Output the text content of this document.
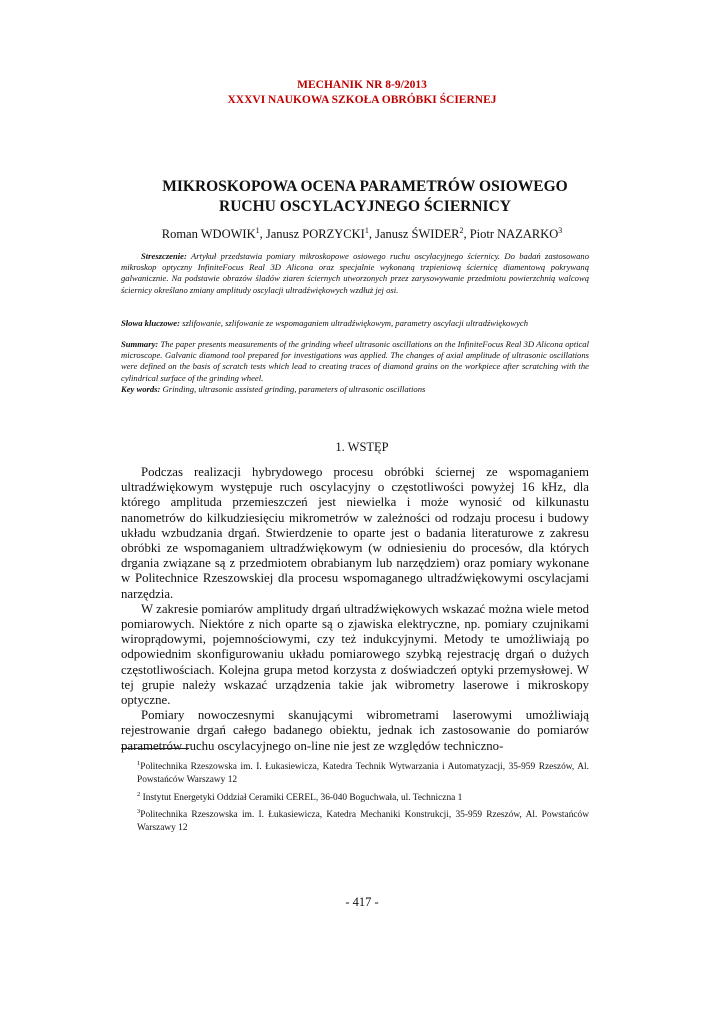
MECHANIK NR 8-9/2013
XXXVI NAUKOWA SZKOŁA OBRÓBKI ŚCIERNEJ
MIKROSKOPOWA OCENA PARAMETRÓW OSIOWEGO
RUCHU OSCYLACYJNEGO ŚCIERNICY
Roman WDOWIK$^1$, Janusz PORZYCKI$^1$, Janusz ŚWIDER$^2$, Piotr NAZARKO$^3$
Streszczenie: Artykuł przedstawia pomiary mikroskopowe osiowego ruchu oscylacyjnego ściernicy. Do badań zastosowano mikroskop optyczny InfiniteFocus Real 3D Alicona oraz specjalnie wykonaną trzpieniową ściernicę diamentową pokrywaną galwanicznie. Na podstawie obrazów śladów ziaren ściernych utworzonych przez zarysowywanie przedmiotu powierzchnią walcową ściernicy określano zmiany amplitudy oscylacji ultradźwiękowych wzdłuż jej osi.
Słowa kluczowe: szlifowanie, szlifowanie ze wspomaganiem ultradźwiękowym, parametry oscylacji ultradźwiękowych
Summary: The paper presents measurements of the grinding wheel ultrasonic oscillations on the InfiniteFocus Real 3D Alicona optical microscope. Galvanic diamond tool prepared for investigations was applied. The changes of axial amplitude of ultrasonic oscillations were defined on the basis of scratch tests which lead to creating traces of diamond grains on the workpiece after scratching with the cylindrical surface of the grinding wheel.
Key words: Grinding, ultrasonic assisted grinding, parameters of ultrasonic oscillations
1. WSTĘP

Podczas realizacji hybrydowego procesu obróbki ściernej ze wspomaganiem ultradźwiękowym występuje ruch oscylacyjny o częstotliwości powyżej 16 kHz, dla którego amplituda przemieszczeń jest niewielka i może wynosić od kilkunastu nanometrów do kilkudziesięciu mikrometrów w zależności od rodzaju procesu i budowy układu wzbudzania drgań. Stwierdzenie to oparte jest o badania literaturowe z zakresu obróbki ze wspomaganiem ultradźwiękowym (w odniesieniu do procesów, dla których drgania związane są z przedmiotem obrabianym lub narzędziem) oraz pomiary wykonane w Politechnice Rzeszowskiej dla procesu wspomaganego ultradźwiękowymi oscylacjami narzędzia.

W zakresie pomiarów amplitudy drgań ultradźwiękowych wskazać można wiele metod pomiarowych. Niektóre z nich oparte są o zjawiska elektryczne, np. pomiary czujnikami wiroprądowymi, pojemnościowymi, czy też indukcyjnymi. Metody te umożliwiają po odpowiednim skonfigurowaniu układu pomiarowego szybką rejestrację drgań o dużych częstotliwościach. Kolejna grupa metod korzysta z doświadczeń optyki przemysłowej. W tej grupie należy wskazać urządzenia takie jak wibrometry laserowe i mikroskopy optyczne.

Pomiary nowoczesnymi skanującymi wibrometrami laserowymi umożliwiają rejestrowanie drgań całego badanego obiektu, jednak ich zastosowanie do pomiarów parametrów ruchu oscylacyjnego on-line nie jest ze względów techniczno-

$^1$Politechnika Rzeszowska im. I. Łukasiewicza, Katedra Technik Wytwarzania i Automatyzacji, 35-959 Rzeszów, Al. Powstańców Warszawy 12
$^2$ Instytut Energetyki Oddział Ceramiki CEREL, 36-040 Boguchwała, ul. Techniczna 1
$^3$Politechnika Rzeszowska im. I. Łukasiewicza, Katedra Mechaniki Konstrukcji, 35-959 Rzeszów, Al. Powstańców Warszawy 12
- 417 -
